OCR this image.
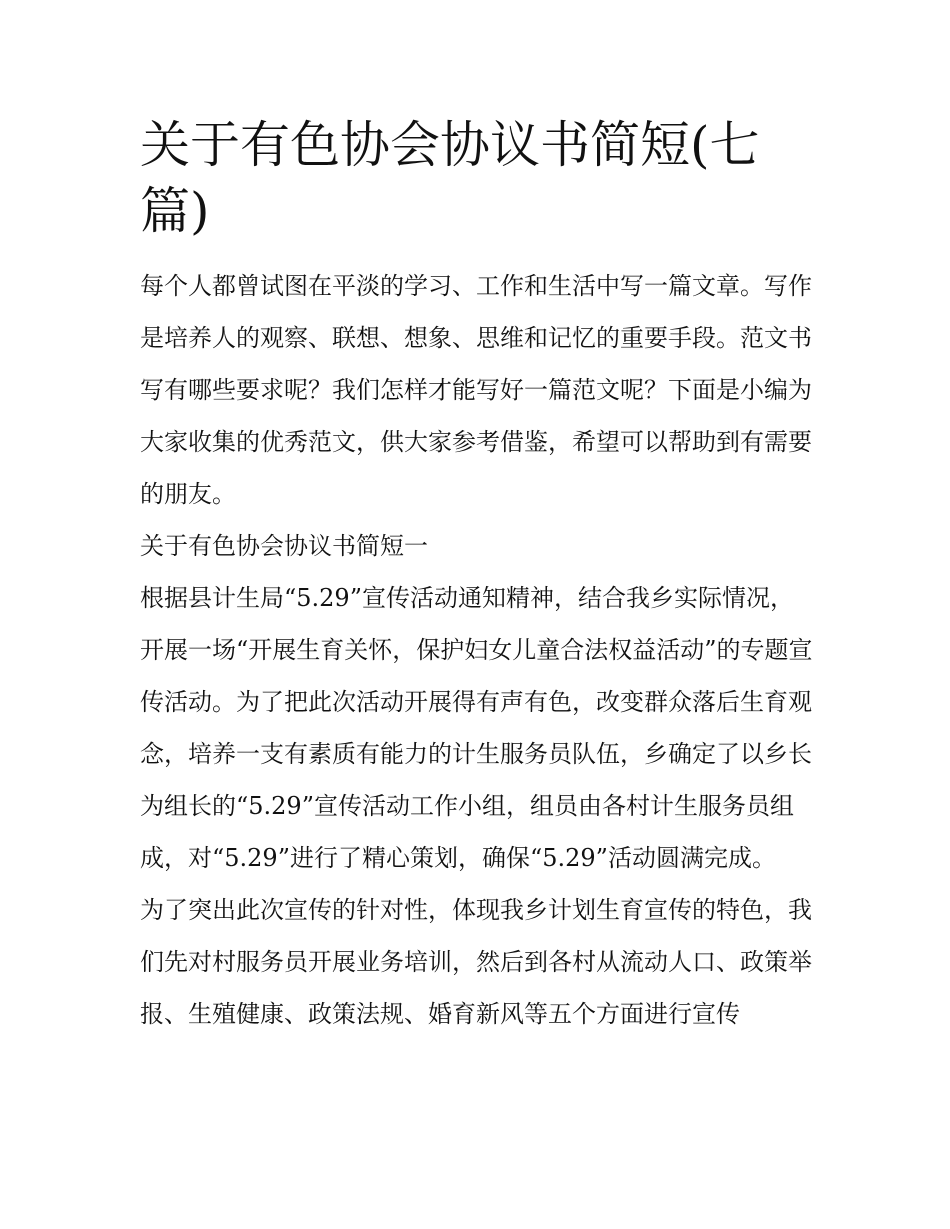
关于有色协会协议书简短(七篇)

每个人都曾试图在平淡的学习、工作和生活中写一篇文章。写作是培养人的观察、联想、想象、思维和记忆的重要手段。范文书写有哪些要求呢？我们怎样才能写好一篇范文呢？下面是小编为大家收集的优秀范文，供大家参考借鉴，希望可以帮助到有需要的朋友。

关于有色协会协议书简短一

根据县计生局“5.29”宣传活动通知精神，结合我乡实际情况，开展一场“开展生育关怀，保护妇女儿童合法权益活动”的专题宣传活动。为了把此次活动开展得有声有色，改变群众落后生育观念，培养一支有素质有能力的计生服务员队伍，乡确定了以乡长为组长的“5.29”宣传活动工作小组，组员由各村计生服务员组成，对“5.29”进行了精心策划，确保“5.29”活动圆满完成。

为了突出此次宣传的针对性，体现我乡计划生育宣传的特色，我们先对村服务员开展业务培训，然后到各村从流动人口、政策举报、生殖健康、政策法规、婚育新风等五个方面进行宣传
